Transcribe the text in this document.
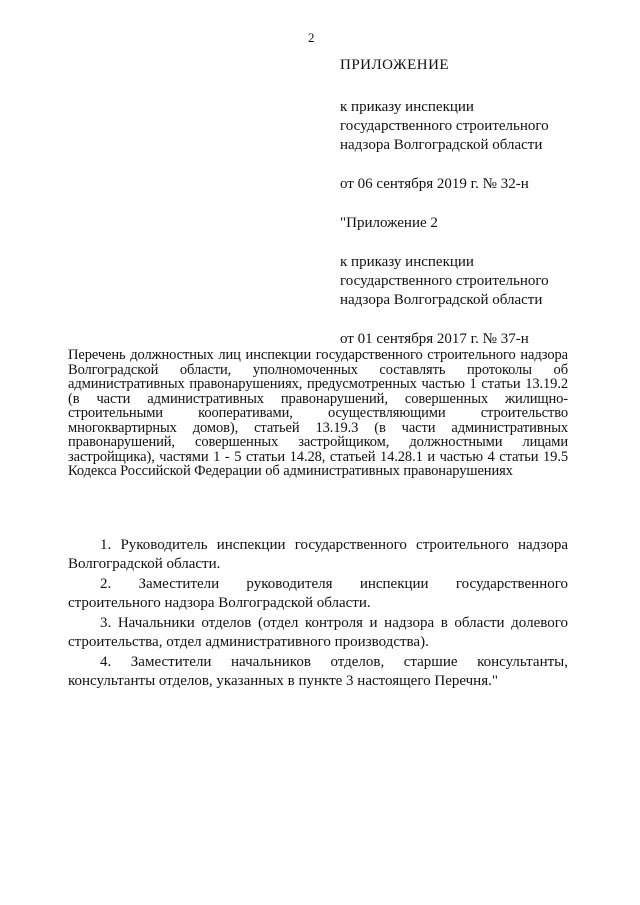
2
ПРИЛОЖЕНИЕ
к приказу инспекции
государственного строительного
надзора Волгоградской области
от 06 сентября 2019 г. № 32-н
"Приложение 2
к приказу инспекции
государственного строительного
надзора Волгоградской области
от 01 сентября 2017 г. № 37-н
Перечень должностных лиц инспекции государственного строительного надзора Волгоградской области, уполномоченных составлять протоколы об административных правонарушениях, предусмотренных частью 1 статьи 13.19.2 (в части административных правонарушений, совершенных жилищно-строительными кооперативами, осуществляющими строительство многоквартирных домов), статьей 13.19.3 (в части административных правонарушений, совершенных застройщиком, должностными лицами застройщика), частями 1 - 5 статьи 14.28, статьей 14.28.1 и частью 4 статьи 19.5 Кодекса Российской Федерации об административных правонарушениях
1. Руководитель инспекции государственного строительного надзора Волгоградской области.
2. Заместители руководителя инспекции государственного строительного надзора Волгоградской области.
3. Начальники отделов (отдел контроля и надзора в области долевого строительства, отдел административного производства).
4. Заместители начальников отделов, старшие консультанты, консультанты отделов, указанных в пункте 3 настоящего Перечня."
